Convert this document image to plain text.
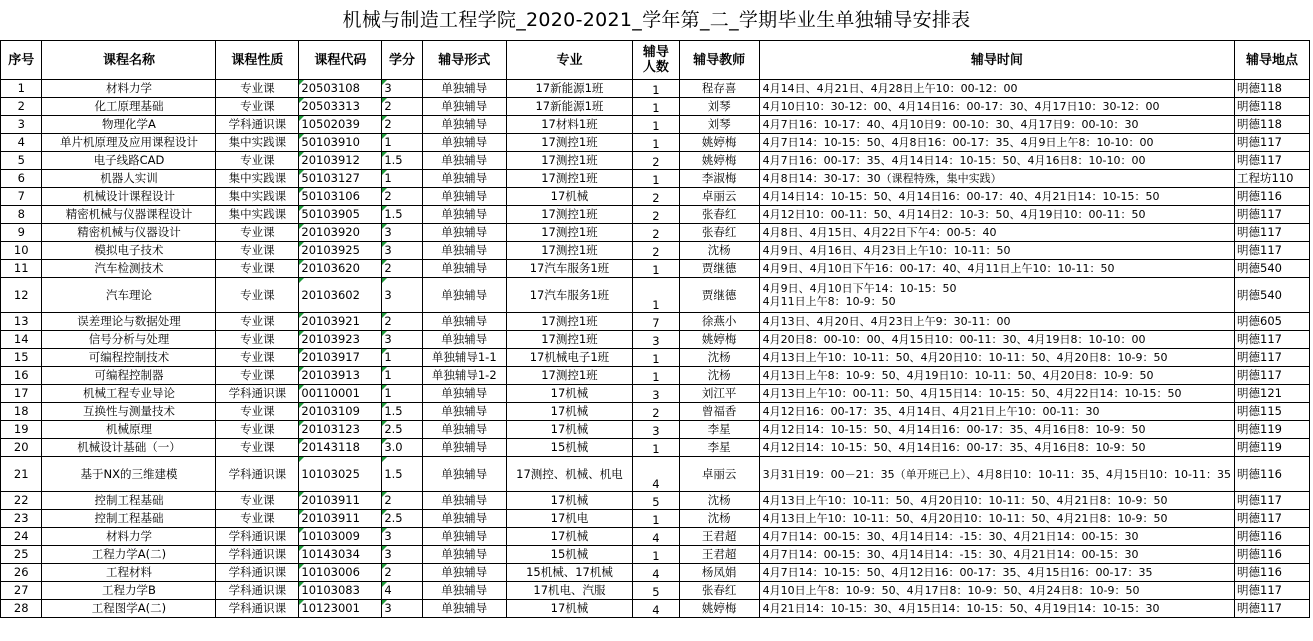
机械与制造工程学院_2020-2021_学年第_二_学期毕业生单独辅导安排表
序号	课程名称	课程性质	课程代码	学分	辅导形式	专业	辅导人数	辅导教师	辅导时间	辅导地点
1	材料力学	专业课	20503108	3	单独辅导	17新能源1班	1	程存喜	4月14日、4月21日、4月28日上午10：00-12：00	明德118
2	化工原理基础	专业课	20503313	2	单独辅导	17新能源1班	1	刘琴	4月10日10：30-12：00、4月14日16：00-17：30、4月17日10：30-12：00	明德118
3	物理化学A	学科通识课	10502039	2	单独辅导	17材料1班	1	刘琴	4月7日16：10-17：40、4月10日9：00-10：30、4月17日9：00-10：30	明德118
4	单片机原理及应用课程设计	集中实践课	50103910	1	单独辅导	17测控1班	1	姚婷梅	4月7日14：10-15：50、4月8日16：00-17：35、4月9日上午8：10-10：00	明德117
5	电子线路CAD	专业课	20103912	1.5	单独辅导	17测控1班	2	姚婷梅	4月7日16：00-17：35、4月14日14：10-15：50、4月16日8：10-10：00	明德117
6	机器人实训	集中实践课	50103127	1	单独辅导	17测控1班	1	李淑梅	4月8日14：30-17：30（课程特殊，集中实践）	工程坊110
7	机械设计课程设计	集中实践课	50103106	2	单独辅导	17机械	2	卓丽云	4月14日14：10-15：50、4月14日16：00-17：40、4月21日14：10-15：50	明德116
8	精密机械与仪器课程设计	集中实践课	50103905	1.5	单独辅导	17测控1班	2	张春红	4月12日10：00-11：50、4月14日2：10-3：50、4月19日10：00-11：50	明德117
9	精密机械与仪器设计	专业课	20103920	3	单独辅导	17测控1班	2	张春红	4月8日、4月15日、4月22日下午4：00-5：40	明德117
10	模拟电子技术	专业课	20103925	3	单独辅导	17测控1班	2	沈杨	4月9日、4月16日、4月23日上午10：10-11：50	明德117
11	汽车检测技术	专业课	20103620	2	单独辅导	17汽车服务1班	1	贾继德	4月9日、4月10日下午16：00-17：40、4月11日上午10：10-11：50	明德540
12	汽车理论	专业课	20103602	3	单独辅导	17汽车服务1班	1	贾继德	4月9日、4月10日下午14：10-15：50
4月11日上午8：10-9：50	明德540
13	误差理论与数据处理	专业课	20103921	2	单独辅导	17测控1班	7	徐燕小	4月13日、4月20日、4月23日上午9：30-11：00	明德605
14	信号分析与处理	专业课	20103923	3	单独辅导	17测控1班	3	姚婷梅	4月20日8：00-10：00、4月15日10：00-11：30、4月19日8：10-10：00	明德117
15	可编程控制技术	专业课	20103917	1	单独辅导1-1	17机械电子1班	1	沈杨	4月13日上午10：10-11：50、4月20日10：10-11：50、4月20日8：10-9：50	明德117
16	可编程控制器	专业课	20103913	1	单独辅导1-2	17测控1班	1	沈杨	4月13日上午8：10-9：50、4月19日10：10-11：50、4月20日8：10-9：50	明德117
17	机械工程专业导论	学科通识课	00110001	1	单独辅导	17机械	3	刘江平	4月13日上午10：00-11：50、4月15日14：10-15：50、4月22日14：10-15：50	明德121
18	互换性与测量技术	专业课	20103109	1.5	单独辅导	17机械	2	曾福香	4月12日16：00-17：35、4月14日、4月21日上午10：00-11：30	明德115
19	机械原理	专业课	20103123	2.5	单独辅导	17机械	3	李星	4月12日14：10-15：50、4月14日16：00-17：35、4月16日8：10-9：50	明德119
20	机械设计基础（一）	专业课	20143118	3.0	单独辅导	15机械	1	李星	4月12日14：10-15：50、4月14日16：00-17：35、4月16日8：10-9：50	明德119
21	基于NX的三维建模	学科通识课	10103025	1.5	单独辅导	17测控、机械、机电	4	卓丽云	3月31日19：00－21：35（单开班已上）、4月8日10：10-11：35、4月15日10：10-11：35	明德116
22	控制工程基础	专业课	20103911	2	单独辅导	17机械	5	沈杨	4月13日上午10：10-11：50、4月20日10：10-11：50、4月21日8：10-9：50	明德117
23	控制工程基础	专业课	20103911	2.5	单独辅导	17机电	1	沈杨	4月13日上午10：10-11：50、4月20日10：10-11：50、4月21日8：10-9：50	明德117
24	材料力学	学科通识课	10103009	3	单独辅导	17机械	4	王君超	4月7日14：00-15：30、4月14日14：-15：30、4月21日14：00-15：30	明德116
25	工程力学A(二)	学科通识课	10143034	3	单独辅导	15机械	1	王君超	4月7日14：00-15：30、4月14日14：-15：30、4月21日14：00-15：30	明德116
26	工程材料	学科通识课	10103006	2	单独辅导	15机械、17机械	4	杨凤娟	4月7日14：10-15：50、4月12日16：00-17：35、4月15日16：00-17：35	明德116
27	工程力学B	学科通识课	10103083	4	单独辅导	17机电、汽服	5	张春红	4月10日上午8：10-9：50、4月17日8：10-9：50、4月24日8：10-9：50	明德117
28	工程图学A(二)	学科通识课	10123001	3	单独辅导	17机械	4	姚婷梅	4月21日14：10-15：30、4月15日14：10-15：50、4月19日14：10-15：30	明德117
